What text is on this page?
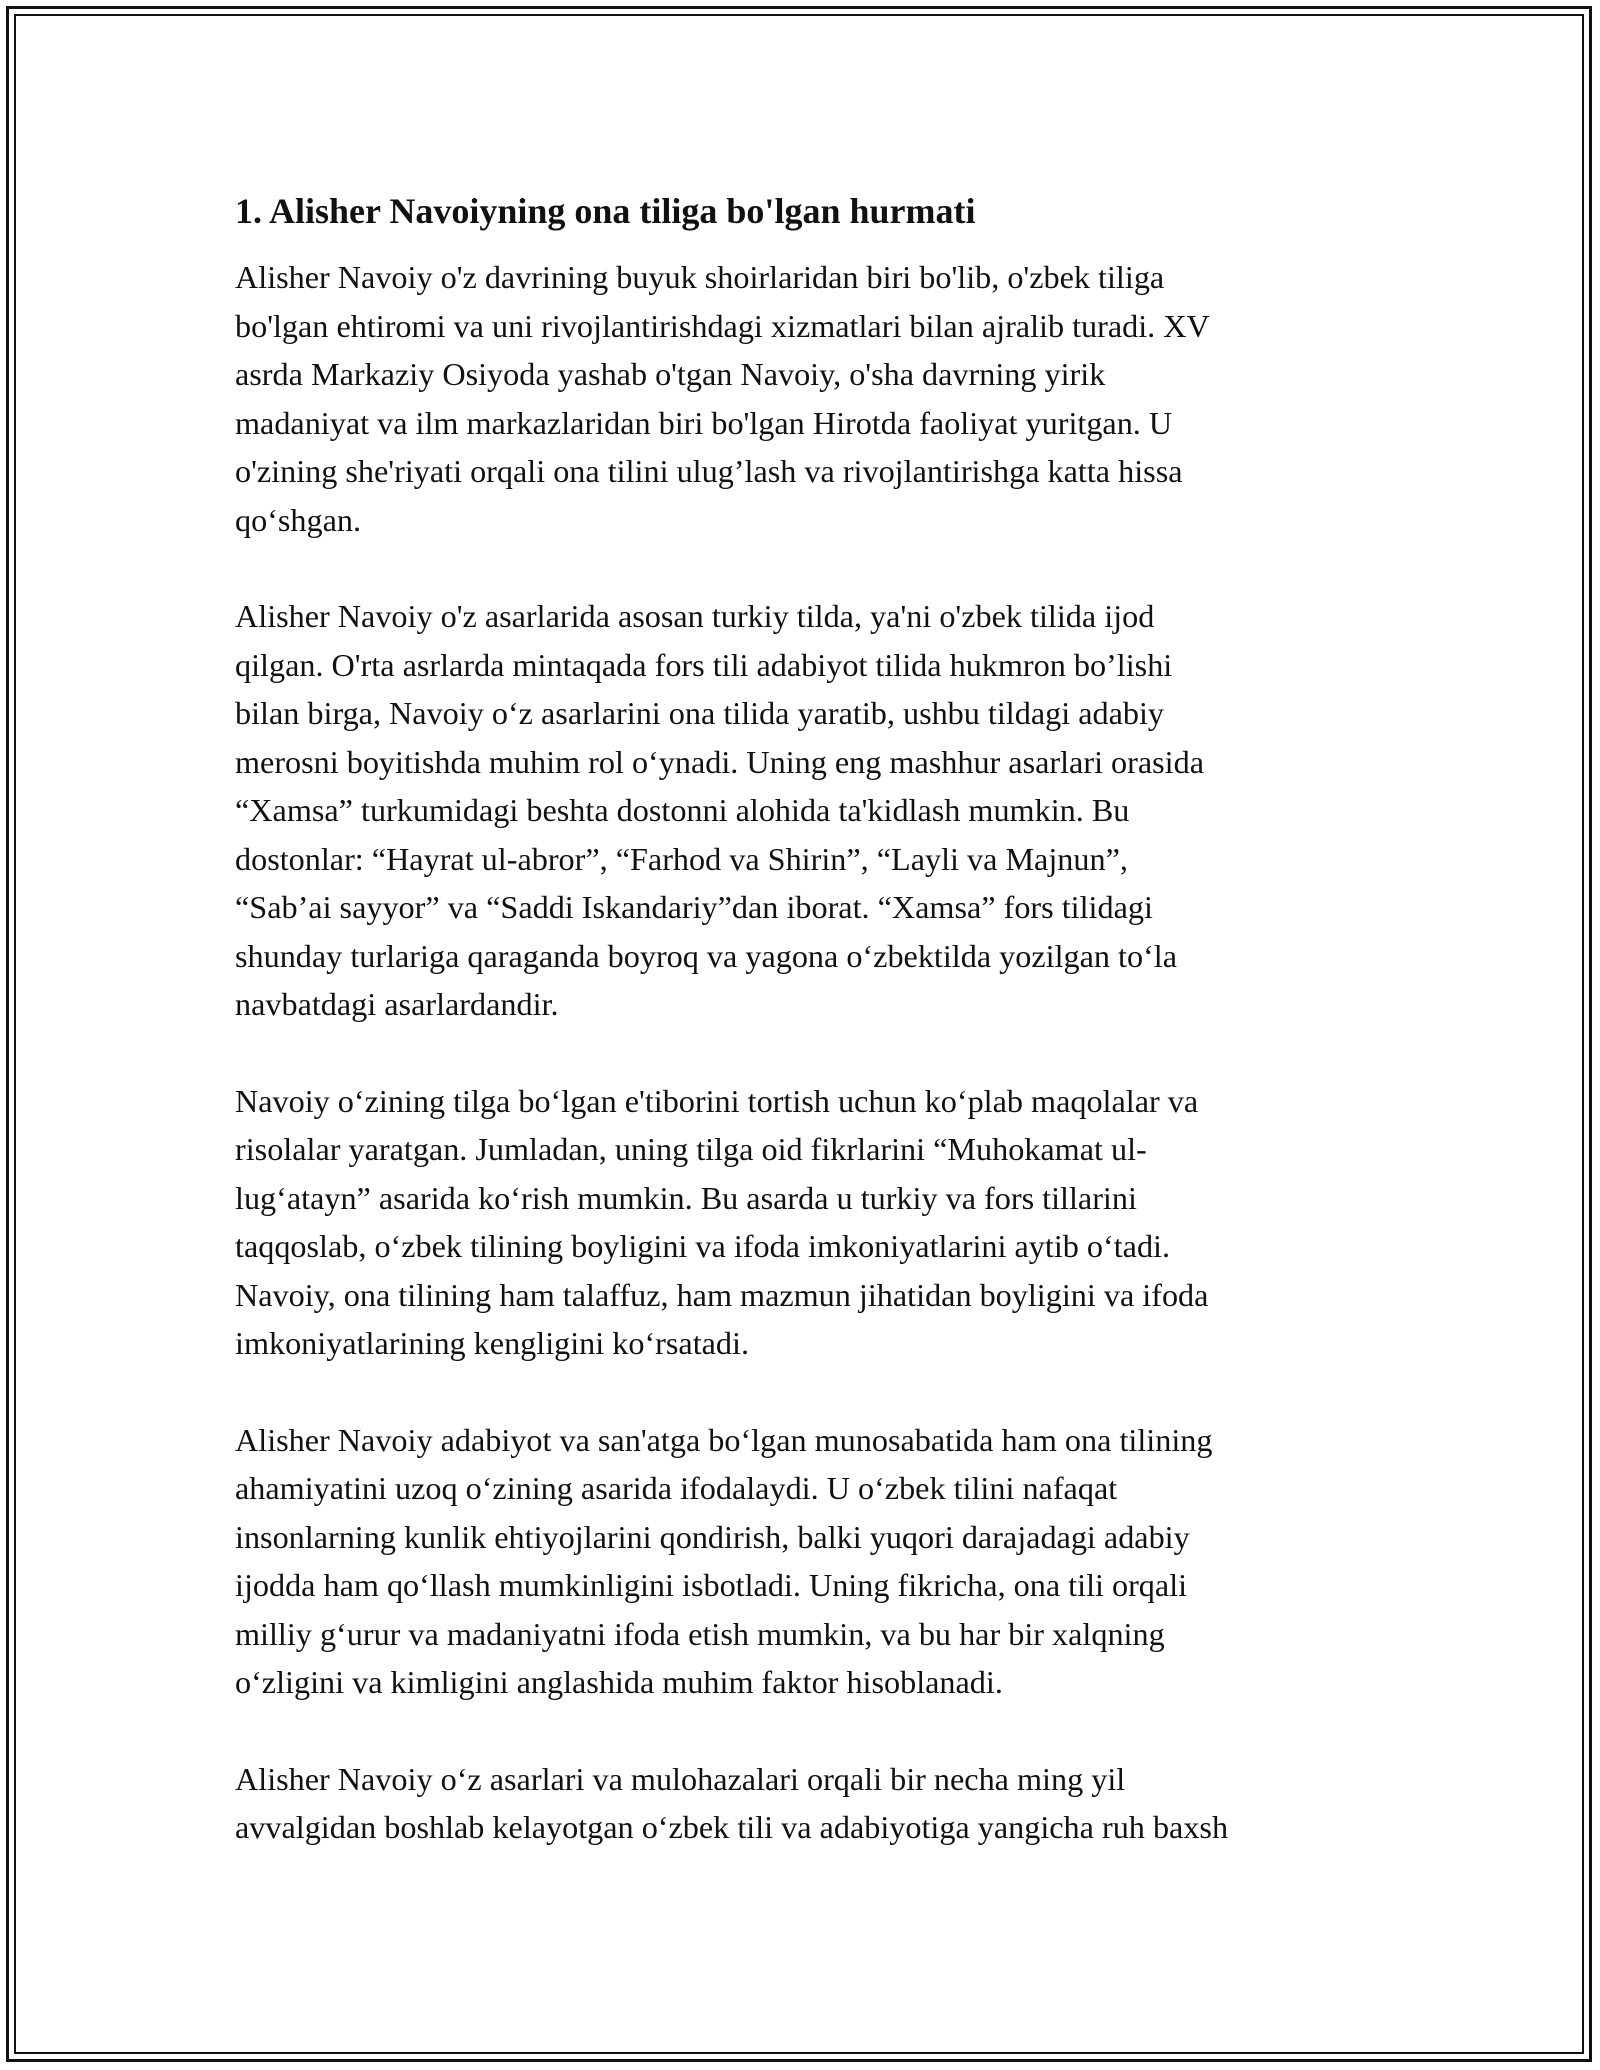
1. Alisher Navoiyning ona tiliga bo'lgan hurmati
Alisher Navoiy o'z davrining buyuk shoirlaridan biri bo'lib, o'zbek tiliga
bo'lgan ehtiromi va uni rivojlantirishdagi xizmatlari bilan ajralib turadi. XV
asrda Markaziy Osiyoda yashab o'tgan Navoiy, o'sha davrning yirik
madaniyat va ilm markazlaridan biri bo'lgan Hirotda faoliyat yuritgan. U
o'zining she'riyati orqali ona tilini ulug’lash va rivojlantirishga katta hissa
qo‘shgan.
Alisher Navoiy o'z asarlarida asosan turkiy tilda, ya'ni o'zbek tilida ijod
qilgan. O'rta asrlarda mintaqada fors tili adabiyot tilida hukmron bo’lishi
bilan birga, Navoiy o‘z asarlarini ona tilida yaratib, ushbu tildagi adabiy
merosni boyitishda muhim rol o‘ynadi. Uning eng mashhur asarlari orasida
“Xamsa” turkumidagi beshta dostonni alohida ta'kidlash mumkin. Bu
dostonlar: “Hayrat ul-abror”, “Farhod va Shirin”, “Layli va Majnun”,
“Sab’ai sayyor” va “Saddi Iskandariy”dan iborat. “Xamsa” fors tilidagi
shunday turlariga qaraganda boyroq va yagona o‘zbektilda yozilgan to‘la
navbatdagi asarlardandir.
Navoiy o‘zining tilga bo‘lgan e'tiborini tortish uchun ko‘plab maqolalar va
risolalar yaratgan. Jumladan, uning tilga oid fikrlarini “Muhokamat ul-
lug‘atayn” asarida ko‘rish mumkin. Bu asarda u turkiy va fors tillarini
taqqoslab, o‘zbek tilining boyligini va ifoda imkoniyatlarini aytib o‘tadi.
Navoiy, ona tilining ham talaffuz, ham mazmun jihatidan boyligini va ifoda
imkoniyatlarining kengligini ko‘rsatadi.
Alisher Navoiy adabiyot va san'atga bo‘lgan munosabatida ham ona tilining
ahamiyatini uzoq o‘zining asarida ifodalaydi. U o‘zbek tilini nafaqat
insonlarning kunlik ehtiyojlarini qondirish, balki yuqori darajadagi adabiy
ijodda ham qo‘llash mumkinligini isbotladi. Uning fikricha, ona tili orqali
milliy g‘urur va madaniyatni ifoda etish mumkin, va bu har bir xalqning
o‘zligini va kimligini anglashida muhim faktor hisoblanadi.
Alisher Navoiy o‘z asarlari va mulohazalari orqali bir necha ming yil
avvalgidan boshlab kelayotgan o‘zbek tili va adabiyotiga yangicha ruh baxsh
